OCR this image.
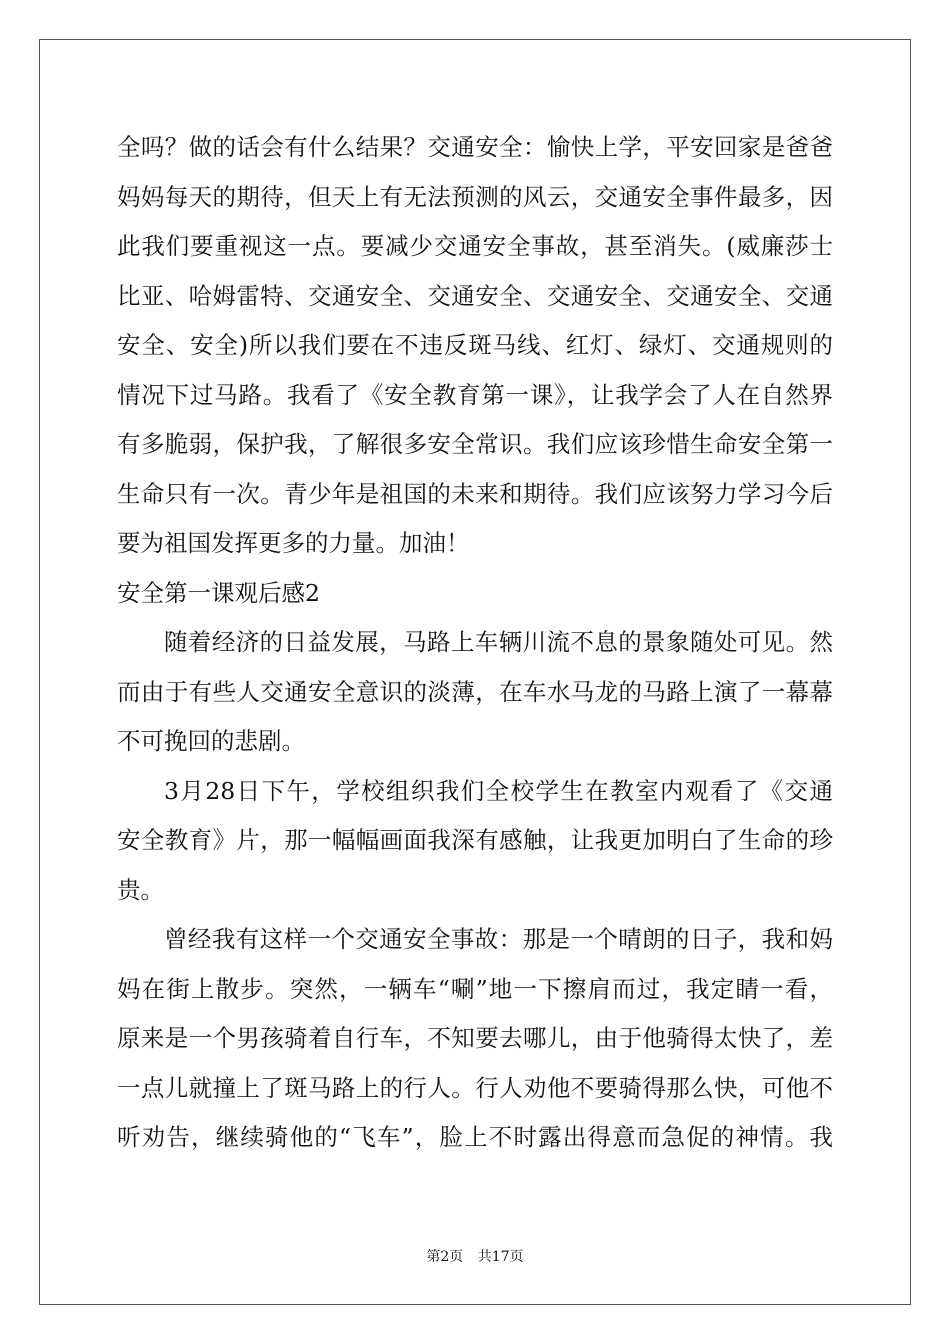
全吗？做的话会有什么结果？交通安全：愉快上学，平安回家是爸爸
妈妈每天的期待，但天上有无法预测的风云，交通安全事件最多，因
此我们要重视这一点。要减少交通安全事故，甚至消失。(威廉莎士
比亚、哈姆雷特、交通安全、交通安全、交通安全、交通安全、交通
安全、安全)所以我们要在不违反斑马线、红灯、绿灯、交通规则的
情况下过马路。我看了《安全教育第一课》，让我学会了人在自然界
有多脆弱，保护我，了解很多安全常识。我们应该珍惜生命安全第一
生命只有一次。青少年是祖国的未来和期待。我们应该努力学习今后
要为祖国发挥更多的力量。加油！
安全第一课观后感2
随着经济的日益发展，马路上车辆川流不息的景象随处可见。然
而由于有些人交通安全意识的淡薄，在车水马龙的马路上演了一幕幕
不可挽回的悲剧。
3月28日下午，学校组织我们全校学生在教室内观看了《交通
安全教育》片，那一幅幅画面我深有感触，让我更加明白了生命的珍
贵。
曾经我有这样一个交通安全事故：那是一个晴朗的日子，我和妈
妈在街上散步。突然，一辆车“唰”地一下擦肩而过，我定睛一看，
原来是一个男孩骑着自行车，不知要去哪儿，由于他骑得太快了，差
一点儿就撞上了斑马路上的行人。行人劝他不要骑得那么快，可他不
听劝告，继续骑他的“飞车”，脸上不时露出得意而急促的神情。我
第2页 共17页
